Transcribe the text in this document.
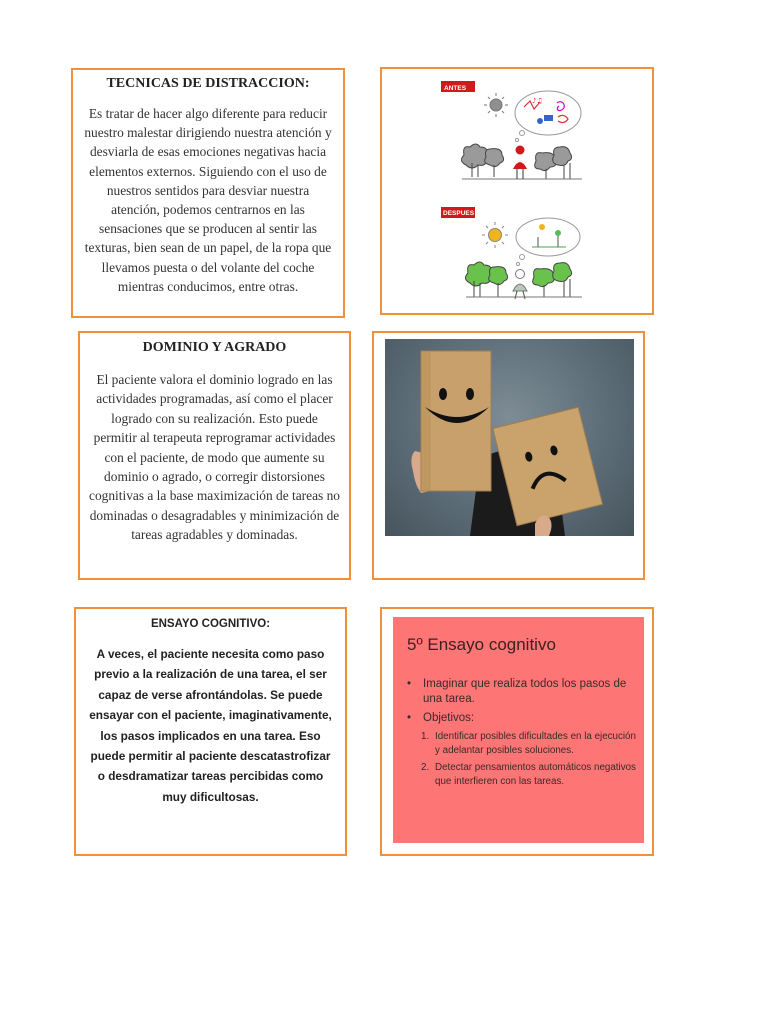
TECNICAS DE DISTRACCION:
Es tratar de hacer algo diferente para reducir nuestro malestar dirigiendo nuestra atención y desviarla de esas emociones negativas hacia elementos externos. Siguiendo con el uso de nuestros sentidos para desviar nuestra atención, podemos centrarnos en las sensaciones que se producen al sentir las texturas, bien sean de un papel, de la ropa que llevamos puesta o del volante del coche mientras conducimos, entre otras.
ANTES
♪♫
DESPUES
DOMINIO Y AGRADO
El paciente valora el dominio logrado en las actividades programadas, así como el placer logrado con su realización. Esto puede permitir al terapeuta reprogramar actividades con el paciente, de modo que aumente su dominio o agrado, o corregir distorsiones cognitivas a la base maximización de tareas no dominadas o desagradables y minimización de tareas agradables y dominadas.
ENSAYO COGNITIVO:
A veces, el paciente necesita como paso previo a la realización de una tarea, el ser capaz de verse afrontándolas. Se puede ensayar con el paciente, imaginativamente, los pasos implicados en una tarea. Eso puede permitir al paciente descatastrofizar o desdramatizar tareas percibidas como muy dificultosas.
5º Ensayo cognitivo
•	Imaginar que realiza todos los pasos de una tarea.
•	Objetivos:
1. Identificar posibles dificultades en la ejecución y adelantar posibles soluciones.
2. Detectar pensamientos automáticos negativos que interfieren con las tareas.
